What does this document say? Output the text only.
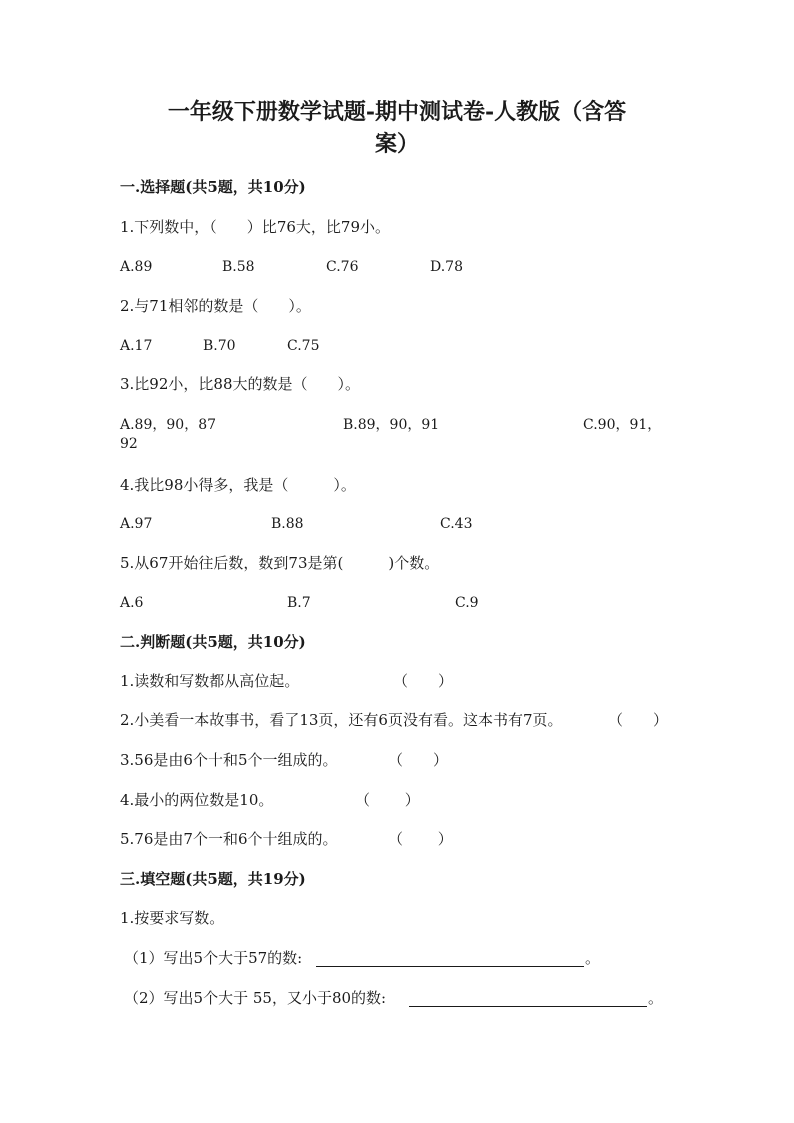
一年级下册数学试题-期中测试卷-人教版（含答
案）
一.选择题(共5题，共10分)
1.下列数中，（　　）比76大，比79小。
A.89	B.58	C.76	D.78
2.与71相邻的数是（　　）。
A.17	B.70	C.75
3.比92小，比88大的数是（　　）。
A.89，90，87	B.89，90，91	C.90，91，
92
4.我比98小得多，我是（　　　）。
A.97	B.88	C.43
5.从67开始往后数，数到73是第(　　　)个数。
A.6	B.7	C.9
二.判断题(共5题，共10分)
1.读数和写数都从高位起。	（　　）
2.小美看一本故事书，看了13页，还有6页没有看。这本书有7页。	（　　）
3.56是由6个十和5个一组成的。	（　　）
4.最小的两位数是10。	（　　 ）
5.76是由7个一和6个十组成的。	（　　 ）
三.填空题(共5题，共19分)
1.按要求写数。
（1）写出5个大于57的数:	。
（2）写出5个大于 55，又小于80的数:	。
